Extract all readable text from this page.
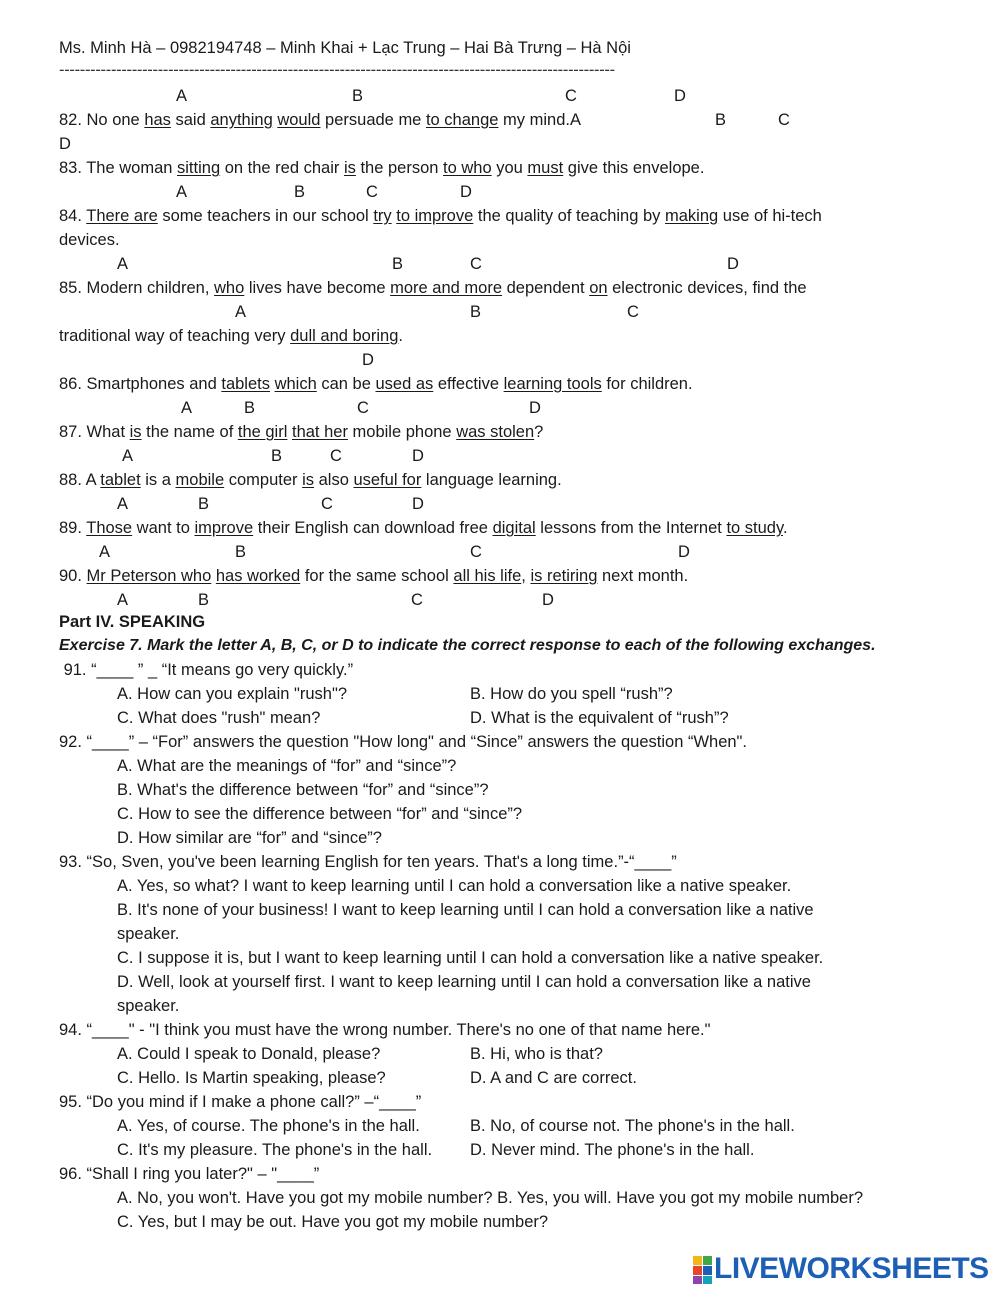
Ms. Minh Hà – 0982194748 – Minh Khai + Lạc Trung – Hai Bà Trưng – Hà Nội
-----------------------------------------------------------------------------------------------------------
A	B	C	D
82. No one has said anything would persuade me to change my mind.A	B	C
D
83. The woman sitting on the red chair is the person to who you must give this envelope.
A	B	C	D
84. There are some teachers in our school try to improve the quality of teaching by making use of hi-tech
devices.
A	B	C	D
85. Modern children, who lives have become more and more dependent on electronic devices, find the
A	B	C
traditional way of teaching very dull and boring.
D
86. Smartphones and tablets which can be used as effective learning tools for children.
A	B	C	D
87. What is the name of the girl that her mobile phone was stolen?
A	B	C	D
88. A tablet is a mobile computer is also useful for language learning.
A	B	C	D
89. Those want to improve their English can download free digital lessons from the Internet to study.
A	B	C	D
90. Mr Peterson who has worked for the same school all his life, is retiring next month.
A	B	C	D
Part IV. SPEAKING
Exercise 7. Mark the letter A, B, C, or D to indicate the correct response to each of the following exchanges.
91. “____ ” _ “It means go very quickly.”
A. How can you explain "rush"?	B. How do you spell “rush”?
C. What does "rush" mean?	D. What is the equivalent of “rush”?
92. “____” – “For” answers the question "How long" and “Since” answers the question “When".
A. What are the meanings of “for” and “since”?
B. What's the difference between “for” and “since”?
C. How to see the difference between “for” and “since”?
D. How similar are “for” and “since”?
93. “So, Sven, you've been learning English for ten years. That's a long time.”-“____”
A. Yes, so what? I want to keep learning until I can hold a conversation like a native speaker.
B. It's none of your business! I want to keep learning until I can hold a conversation like a native
speaker.
C. I suppose it is, but I want to keep learning until I can hold a conversation like a native speaker.
D. Well, look at yourself first. I want to keep learning until I can hold a conversation like a native
speaker.
94. “____" - "I think you must have the wrong number. There's no one of that name here."
A. Could I speak to Donald, please?	B. Hi, who is that?
C. Hello. Is Martin speaking, please?	D. A and C are correct.
95. “Do you mind if I make a phone call?” –“____”
A. Yes, of course. The phone's in the hall.	B. No, of course not. The phone's in the hall.
C. It's my pleasure. The phone's in the hall. D. Never mind. The phone's in the hall.
96. “Shall I ring you later?" – "____”
A. No, you won't. Have you got my mobile number? B. Yes, you will. Have you got my mobile number?
C. Yes, but I may be out. Have you got my mobile number?
LIVEWORKSHEETS
